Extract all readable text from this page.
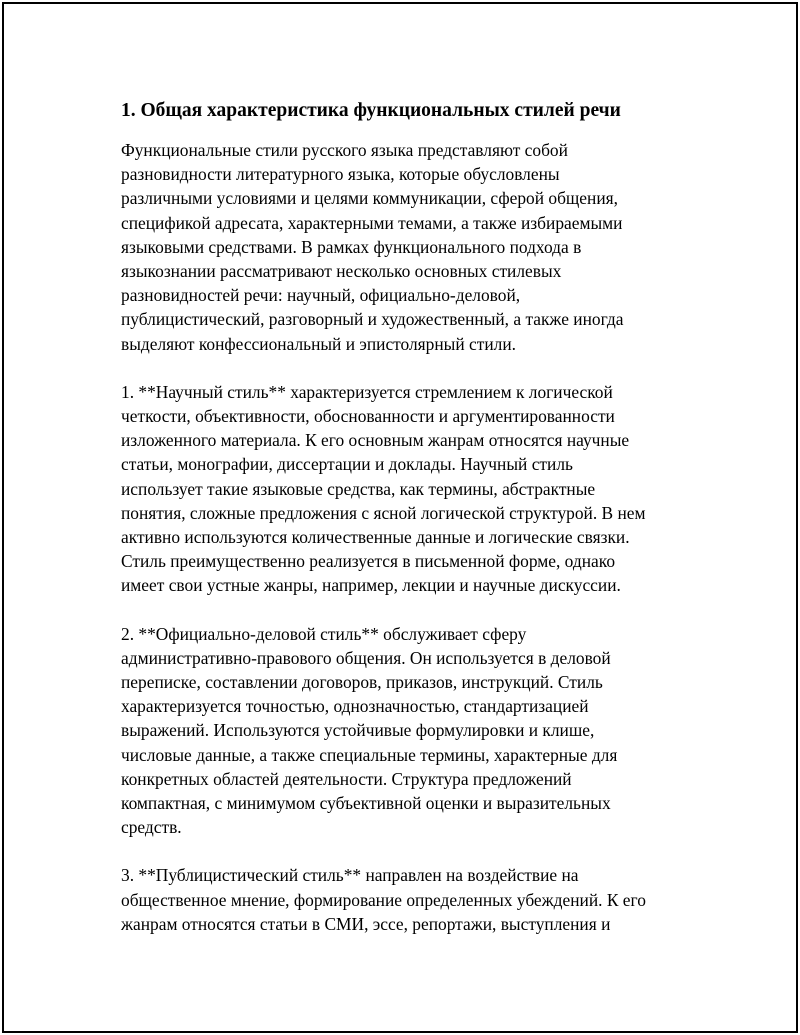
1. Общая характеристика функциональных стилей речи

Функциональные стили русского языка представляют собой
разновидности литературного языка, которые обусловлены
различными условиями и целями коммуникации, сферой общения,
спецификой адресата, характерными темами, а также избираемыми
языковыми средствами. В рамках функционального подхода в
языкознании рассматривают несколько основных стилевых
разновидностей речи: научный, официально-деловой,
публицистический, разговорный и художественный, а также иногда
выделяют конфессиональный и эпистолярный стили.

1. **Научный стиль** характеризуется стремлением к логической
четкости, объективности, обоснованности и аргументированности
изложенного материала. К его основным жанрам относятся научные
статьи, монографии, диссертации и доклады. Научный стиль
использует такие языковые средства, как термины, абстрактные
понятия, сложные предложения с ясной логической структурой. В нем
активно используются количественные данные и логические связки.
Стиль преимущественно реализуется в письменной форме, однако
имеет свои устные жанры, например, лекции и научные дискуссии.

2. **Официально-деловой стиль** обслуживает сферу
административно-правового общения. Он используется в деловой
переписке, составлении договоров, приказов, инструкций. Стиль
характеризуется точностью, однозначностью, стандартизацией
выражений. Используются устойчивые формулировки и клише,
числовые данные, а также специальные термины, характерные для
конкретных областей деятельности. Структура предложений
компактная, с минимумом субъективной оценки и выразительных
средств.

3. **Публицистический стиль** направлен на воздействие на
общественное мнение, формирование определенных убеждений. К его
жанрам относятся статьи в СМИ, эссе, репортажи, выступления и
